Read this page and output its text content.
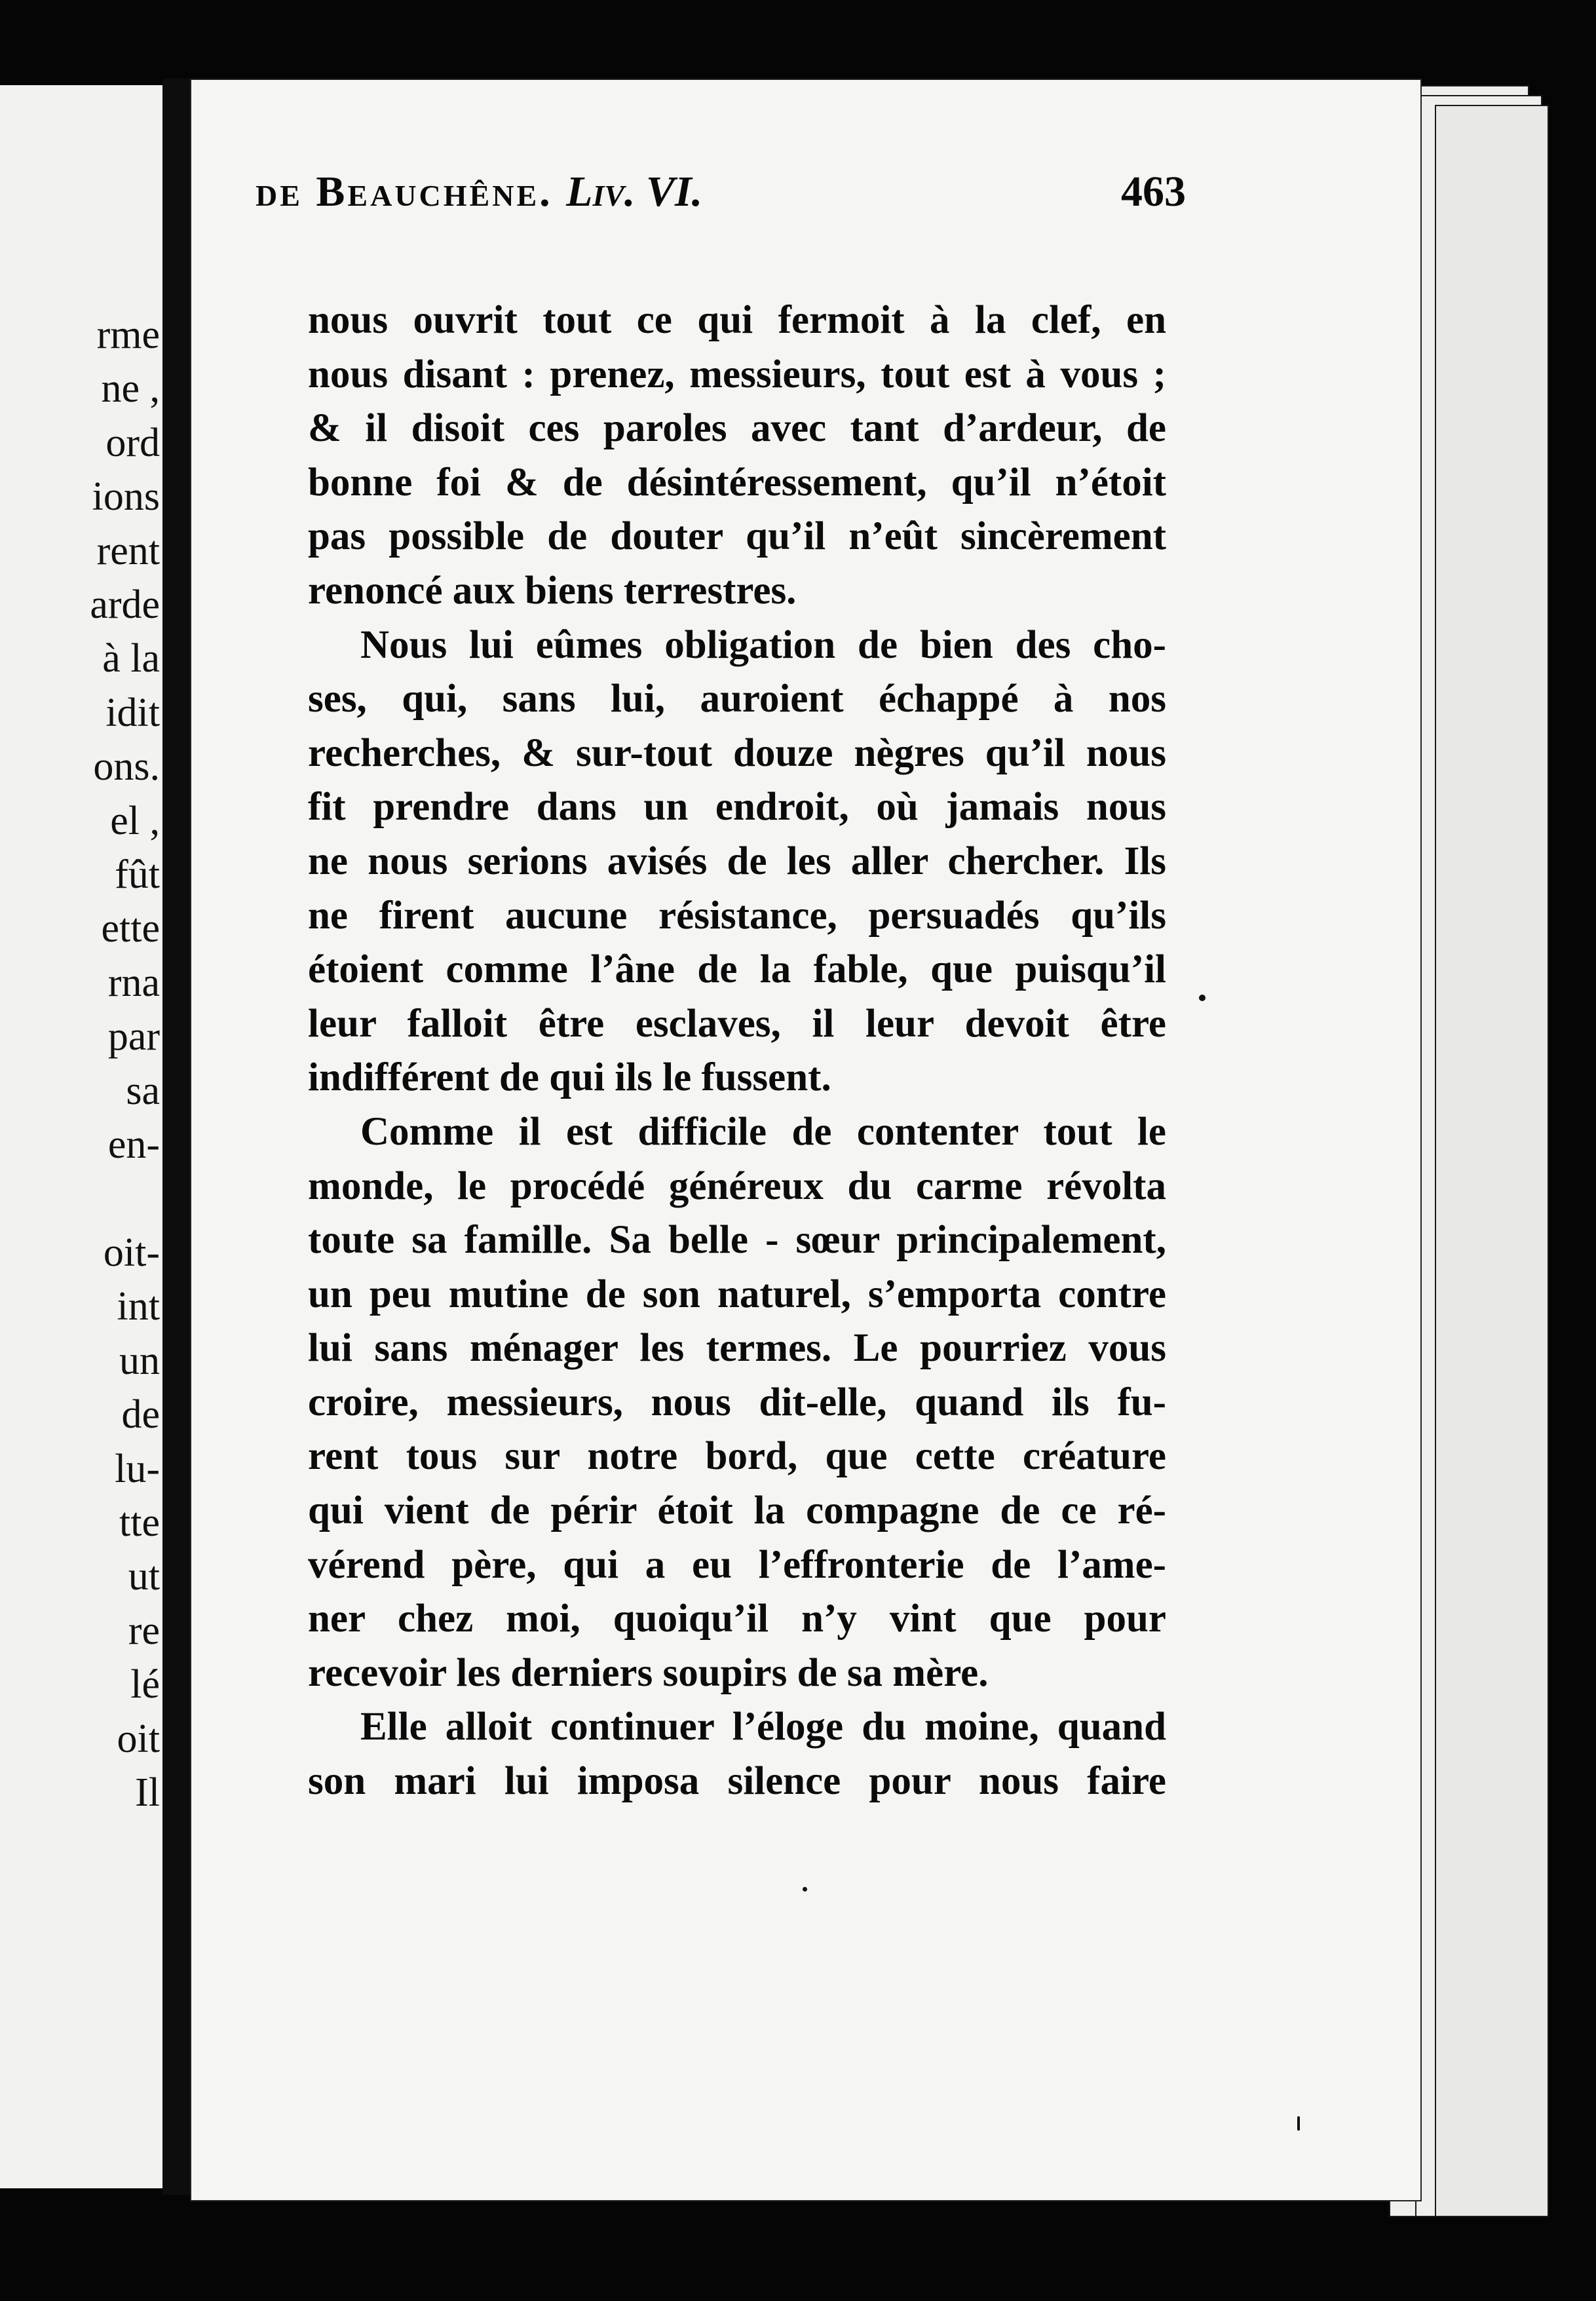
rme
ne ,
ord
ions
rent
arde
à la
idit
ons.
el ,
fût
ette
rna
par
sa
en-

oit-
int
un
de
lu-
tte
ut
re
lé
oit
Il
de Beauchêne. Liv. VI.	463
nous ouvrit tout ce qui fermoit à la clef, en
nous disant : prenez, messieurs, tout est à vous ;
& il disoit ces paroles avec tant d’ardeur, de
bonne foi & de désintéressement, qu’il n’étoit
pas possible de douter qu’il n’eût sincèrement
renoncé aux biens terrestres.
Nous lui eûmes obligation de bien des cho-
ses, qui, sans lui, auroient échappé à nos
recherches, & sur-tout douze nègres qu’il nous
fit prendre dans un endroit, où jamais nous
ne nous serions avisés de les aller chercher. Ils
ne firent aucune résistance, persuadés qu’ils
étoient comme l’âne de la fable, que puisqu’il
leur falloit être esclaves, il leur devoit être
indifférent de qui ils le fussent.
Comme il est difficile de contenter tout le
monde, le procédé généreux du carme révolta
toute sa famille. Sa belle - sœur principalement,
un peu mutine de son naturel, s’emporta contre
lui sans ménager les termes. Le pourriez vous
croire, messieurs, nous dit-elle, quand ils fu-
rent tous sur notre bord, que cette créature
qui vient de périr étoit la compagne de ce ré-
vérend père, qui a eu l’effronterie de l’ame-
ner chez moi, quoiqu’il n’y vint que pour
recevoir les derniers soupirs de sa mère.
Elle alloit continuer l’éloge du moine, quand
son mari lui imposa silence pour nous faire
